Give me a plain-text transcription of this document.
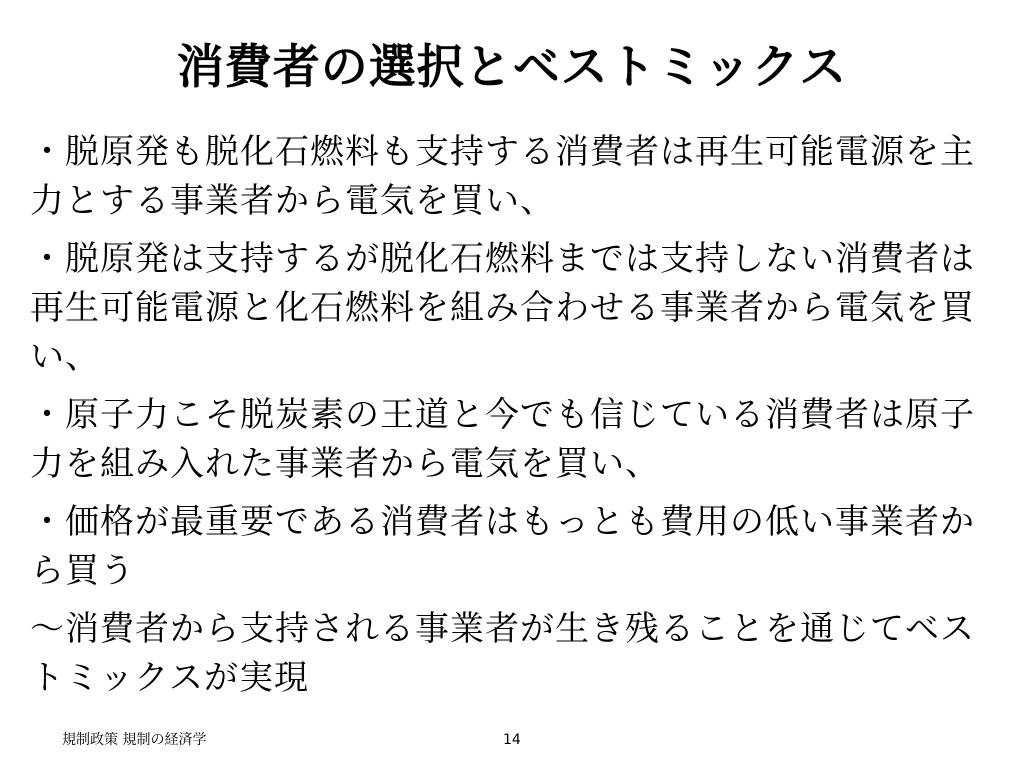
消費者の選択とベストミックス

・脱原発も脱化石燃料も支持する消費者は再生可能電源を主力とする事業者から電気を買い、

・脱原発は支持するが脱化石燃料までは支持しない消費者は再生可能電源と化石燃料を組み合わせる事業者から電気を買い、

・原子力こそ脱炭素の王道と今でも信じている消費者は原子力を組み入れた事業者から電気を買い、

・価格が最重要である消費者はもっとも費用の低い事業者から買う

〜消費者から支持される事業者が生き残ることを通じてベストミックスが実現

規制政策 規制の経済学	14
